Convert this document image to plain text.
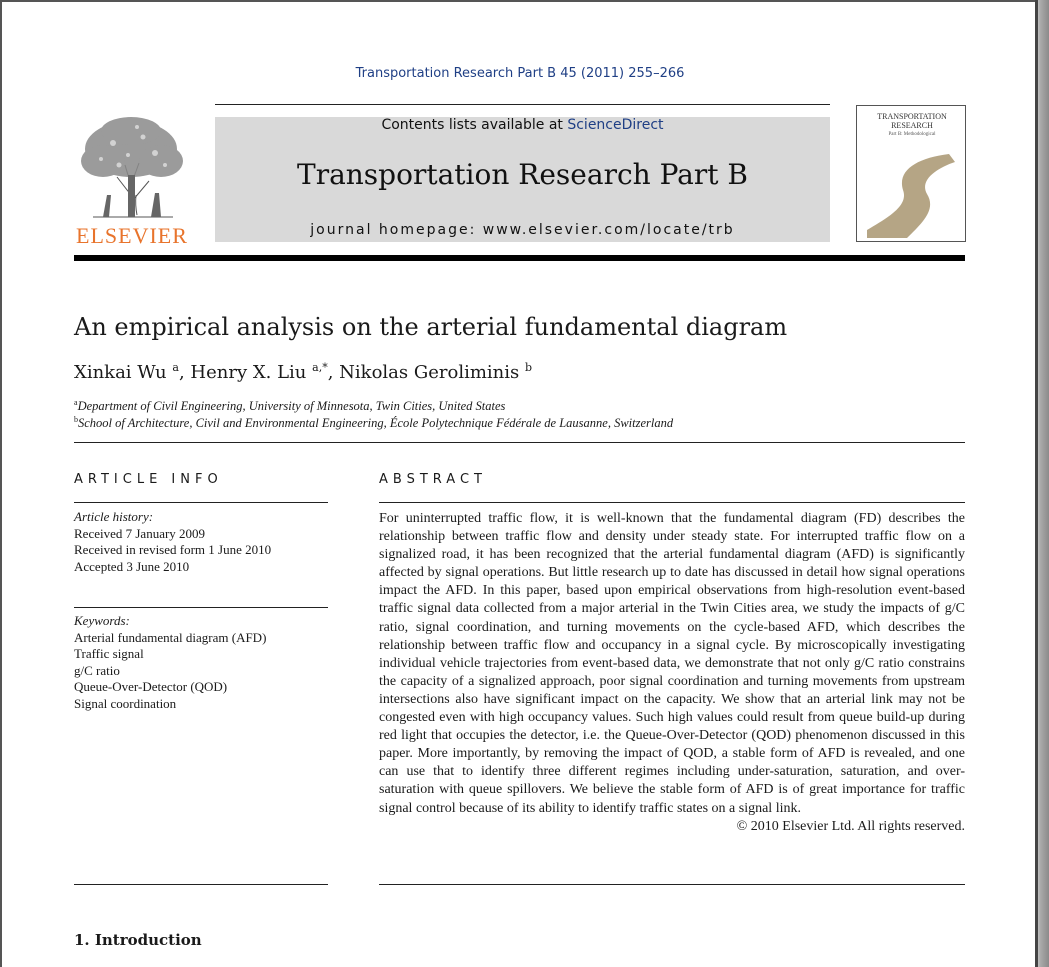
Transportation Research Part B 45 (2011) 255–266
ELSEVIER
Contents lists available at ScienceDirect
Transportation Research Part B
journal homepage: www.elsevier.com/locate/trb
TRANSPORTATION RESEARCH
Part B: Methodological
An empirical analysis on the arterial fundamental diagram
Xinkai Wu $^a$, Henry X. Liu $^{a,*}$, Nikolas Geroliminis $^b$
$^a$Department of Civil Engineering, University of Minnesota, Twin Cities, United States
$^b$School of Architecture, Civil and Environmental Engineering, École Polytechnique Fédérale de Lausanne, Switzerland
ARTICLE INFO	ABSTRACT
Article history:
Received 7 January 2009
Received in revised form 1 June 2010
Accepted 3 June 2010
Keywords:
Arterial fundamental diagram (AFD)
Traffic signal
g/C ratio
Queue-Over-Detector (QOD)
Signal coordination
For uninterrupted traffic flow, it is well-known that the fundamental diagram (FD) describes the relationship between traffic flow and density under steady state. For interrupted traffic flow on a signalized road, it has been recognized that the arterial fundamental diagram (AFD) is significantly affected by signal operations. But little research up to date has discussed in detail how signal operations impact the AFD. In this paper, based upon empirical observations from high-resolution event-based traffic signal data collected from a major arterial in the Twin Cities area, we study the impacts of g/C ratio, signal coordination, and turning movements on the cycle-based AFD, which describes the relationship between traffic flow and occupancy in a signal cycle. By microscopically investigating individual vehicle trajectories from event-based data, we demonstrate that not only g/C ratio constrains the capacity of a signalized approach, poor signal coordination and turning movements from upstream intersections also have significant impact on the capacity. We show that an arterial link may not be congested even with high occupancy values. Such high values could result from queue build-up during red light that occupies the detector, i.e. the Queue-Over-Detector (QOD) phenomenon discussed in this paper. More importantly, by removing the impact of QOD, a stable form of AFD is revealed, and one can use that to identify three different regimes including under-saturation, saturation, and over-saturation with queue spillovers. We believe the stable form of AFD is of great importance for traffic signal control because of its ability to identify traffic states on a signal link.
© 2010 Elsevier Ltd. All rights reserved.
1. Introduction
